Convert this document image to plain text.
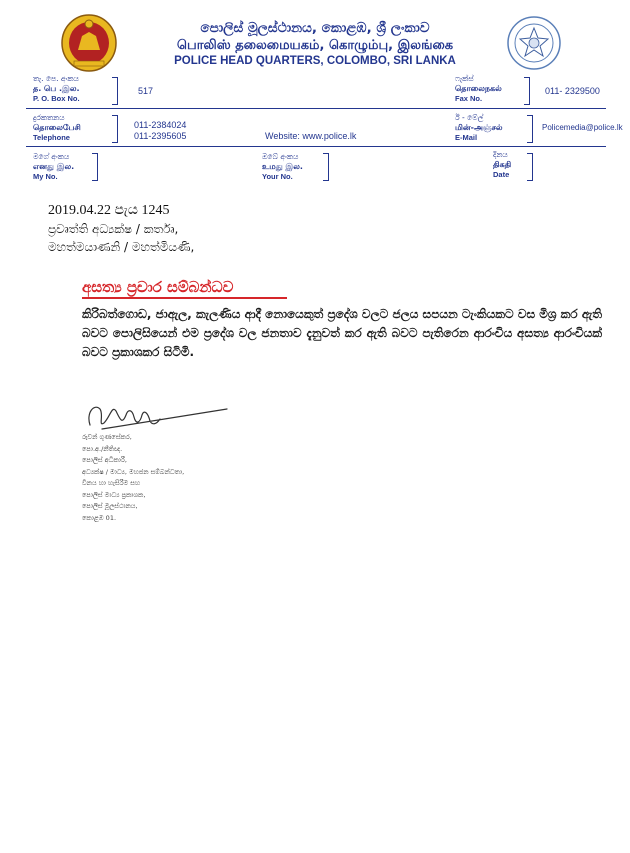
පොලිස් මූලස්ථානය, කොළඹ, ශ්‍රී ලංකාව
பொலிஸ் தலைமையகம், கொழும்பு, இலங்கை
POLICE HEAD QUARTERS, COLOMBO, SRI LANKA
තැ. පෙ. අංකය
த. பெ .இல.
P. O. Box No.
517
ෆැක්ස්
தொலைநகல்
Fax No.
011- 2329500
දුරකතනය
தொலைபேசி
Telephone
011-2384024
011-2395605	Website: www.police.lk
ඊ - මේල්
மின்-அஞ்சல்
E-Mail
Policemedia@police.lk
මගේ අංකය
எனது இல.
My No.
ඔබේ අංකය
உமது இல.
Your No.
දිනය
திகதி
Date
2019.04.22 පැය 1245
ප්‍රවෘත්ති අධ්‍යක්ෂ / කර්තෘ,
මහත්මයාණනි / මහත්මියණි,
අසත්‍ය ප්‍රචාර සම්බන්ධව
කිරිබත්ගොඩ, ජාඇල, කැලණිය ආදී නොයෙකුත් ප්‍රදේශ වලට ජලය සපයන ටැංකියකට වස මිශ්‍ර කර ඇති බවට පොලිසියෙන් එම ප්‍රදේශ වල ජනතාව දැනුවත් කර ඇති බවට පැතිරෙන ආරංචිය අසත්‍ය ආරංචියක් බවට ප්‍රකාශකර සිටිමි.
රුවන් ගුණසේකර,
පො.අ./නීතිඥ.
පොලිස් අධිකාරී,
අධ්‍යක්ෂ / මාධ්‍ය, මහජන සම්බන්ධතා,
විනය හා හැසිරීම සහ
පොලිස් මාධ්‍ය ප්‍රකාශක,
පොලිස් මූලස්ථානය,
කොළඹ 01.
